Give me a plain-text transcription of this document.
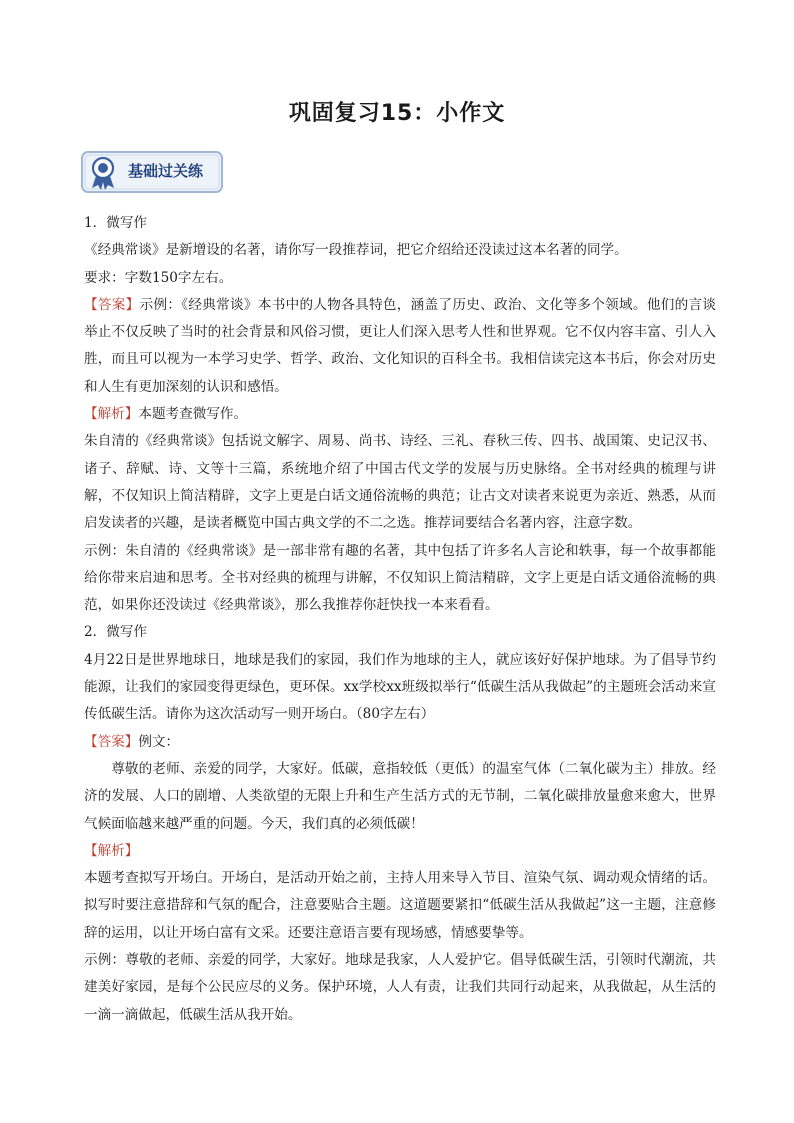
巩固复习15：小作文
基础过关练

1．微写作

《经典常谈》是新增设的名著，请你写一段推荐词，把它介绍给还没读过这本名著的同学。

要求：字数150字左右。

【答案】示例：《经典常谈》本书中的人物各具特色，涵盖了历史、政治、文化等多个领域。他们的言谈举止不仅反映了当时的社会背景和风俗习惯，更让人们深入思考人性和世界观。它不仅内容丰富、引人入胜，而且可以视为一本学习史学、哲学、政治、文化知识的百科全书。我相信读完这本书后，你会对历史和人生有更加深刻的认识和感悟。

【解析】本题考查微写作。

朱自清的《经典常谈》包括说文解字、周易、尚书、诗经、三礼、春秋三传、四书、战国策、史记汉书、诸子、辞赋、诗、文等十三篇，系统地介绍了中国古代文学的发展与历史脉络。全书对经典的梳理与讲解，不仅知识上简洁精辟，文字上更是白话文通俗流畅的典范；让古文对读者来说更为亲近、熟悉，从而启发读者的兴趣，是读者概览中国古典文学的不二之选。推荐词要结合名著内容，注意字数。

示例：朱自清的《经典常谈》是一部非常有趣的名著，其中包括了许多名人言论和轶事，每一个故事都能给你带来启迪和思考。全书对经典的梳理与讲解，不仅知识上简洁精辟，文字上更是白话文通俗流畅的典范，如果你还没读过《经典常谈》，那么我推荐你赶快找一本来看看。

2．微写作

4月22日是世界地球日，地球是我们的家园，我们作为地球的主人，就应该好好保护地球。为了倡导节约能源，让我们的家园变得更绿色，更环保。xx学校xx班级拟举行“低碳生活从我做起”的主题班会活动来宣传低碳生活。请你为这次活动写一则开场白。（80字左右）

【答案】例文：

尊敬的老师、亲爱的同学，大家好。低碳，意指较低（更低）的温室气体（二氧化碳为主）排放。经济的发展、人口的剧增、人类欲望的无限上升和生产生活方式的无节制，二氧化碳排放量愈来愈大，世界气候面临越来越严重的问题。今天，我们真的必须低碳！

【解析】

本题考查拟写开场白。开场白，是活动开始之前，主持人用来导入节目、渲染气氛、调动观众情绪的话。拟写时要注意措辞和气氛的配合，注意要贴合主题。这道题要紧扣“低碳生活从我做起”这一主题，注意修辞的运用，以让开场白富有文采。还要注意语言要有现场感，情感要挚等。

示例：尊敬的老师、亲爱的同学，大家好。地球是我家，人人爱护它。倡导低碳生活，引领时代潮流，共建美好家园，是每个公民应尽的义务。保护环境，人人有责，让我们共同行动起来，从我做起，从生活的一滴一滴做起，低碳生活从我开始。
